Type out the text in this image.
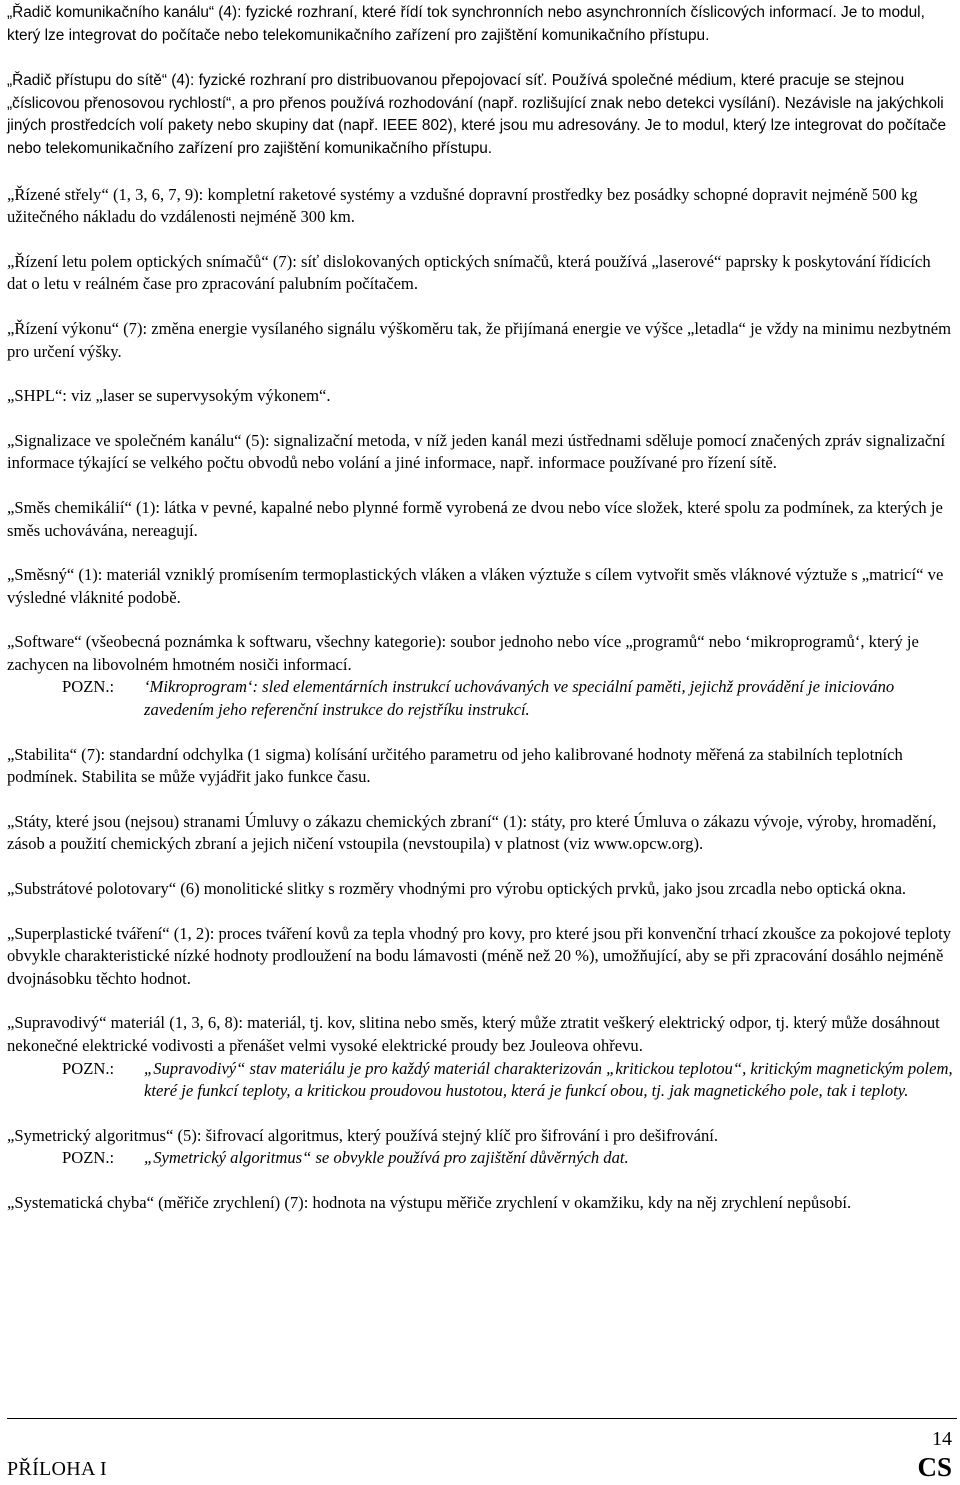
„Řadič komunikačního kanálu“ (4): fyzické rozhraní, které řídí tok synchronních nebo asynchronních číslicových informací. Je to modul, který lze integrovat do počítače nebo telekomunikačního zařízení pro zajištění komunikačního přístupu.

„Řadič přístupu do sítě“ (4): fyzické rozhraní pro distribuovanou přepojovací síť. Používá společné médium, které pracuje se stejnou „číslicovou přenosovou rychlostí“, a pro přenos používá rozhodování (např. rozlišující znak nebo detekci vysílání). Nezávisle na jakýchkoli jiných prostředcích volí pakety nebo skupiny dat (např. IEEE 802), které jsou mu adresovány. Je to modul, který lze integrovat do počítače nebo telekomunikačního zařízení pro zajištění komunikačního přístupu.

„Řízené střely“ (1, 3, 6, 7, 9): kompletní raketové systémy a vzdušné dopravní prostředky bez posádky schopné dopravit nejméně 500 kg užitečného nákladu do vzdálenosti nejméně 300 km.

„Řízení letu polem optických snímačů“ (7): síť dislokovaných optických snímačů, která používá „laserové“ paprsky k poskytování řídicích dat o letu v reálném čase pro zpracování palubním počítačem.

„Řízení výkonu“ (7): změna energie vysílaného signálu výškoměru tak, že přijímaná energie ve výšce „letadla“ je vždy na minimu nezbytném pro určení výšky.

„SHPL“: viz „laser se supervysokým výkonem“.

„Signalizace ve společném kanálu“ (5): signalizační metoda, v níž jeden kanál mezi ústřednami sděluje pomocí značených zpráv signalizační informace týkající se velkého počtu obvodů nebo volání a jiné informace, např. informace používané pro řízení sítě.

„Směs chemikálií“ (1): látka v pevné, kapalné nebo plynné formě vyrobená ze dvou nebo více složek, které spolu za podmínek, za kterých je směs uchovávána, nereagují.

„Směsný“ (1): materiál vzniklý promísením termoplastických vláken a vláken výztuže s cílem vytvořit směs vláknové výztuže s „matricí“ ve výsledné vláknité podobě.

„Software“ (všeobecná poznámka k softwaru, všechny kategorie): soubor jednoho nebo více „programů“ nebo ‘mikroprogramů‘, který je zachycen na libovolném hmotném nosiči informací.
POZN.:	‘Mikroprogram‘: sled elementárních instrukcí uchovávaných ve speciální paměti, jejichž provádění je iniciováno zavedením jeho referenční instrukce do rejstříku instrukcí.

„Stabilita“ (7): standardní odchylka (1 sigma) kolísání určitého parametru od jeho kalibrované hodnoty měřená za stabilních teplotních podmínek. Stabilita se může vyjádřit jako funkce času.

„Státy, které jsou (nejsou) stranami Úmluvy o zákazu chemických zbraní“ (1): státy, pro které Úmluva o zákazu vývoje, výroby, hromadění, zásob a použití chemických zbraní a jejich ničení vstoupila (nevstoupila) v platnost (viz www.opcw.org).

„Substrátové polotovary“ (6) monolitické slitky s rozměry vhodnými pro výrobu optických prvků, jako jsou zrcadla nebo optická okna.

„Superplastické tváření“ (1, 2): proces tváření kovů za tepla vhodný pro kovy, pro které jsou při konvenční trhací zkoušce za pokojové teploty obvykle charakteristické nízké hodnoty prodloužení na bodu lámavosti (méně než 20 %), umožňující, aby se při zpracování dosáhlo nejméně dvojnásobku těchto hodnot.

„Supravodivý“ materiál (1, 3, 6, 8): materiál, tj. kov, slitina nebo směs, který může ztratit veškerý elektrický odpor, tj. který může dosáhnout nekonečné elektrické vodivosti a přenášet velmi vysoké elektrické proudy bez Jouleova ohřevu.
POZN.:	„Supravodivý“ stav materiálu je pro každý materiál charakterizován „kritickou teplotou“, kritickým magnetickým polem, které je funkcí teploty, a kritickou proudovou hustotou, která je funkcí obou, tj. jak magnetického pole, tak i teploty.
„Symetrický algoritmus“ (5): šifrovací algoritmus, který používá stejný klíč pro šifrování i pro dešifrování.
POZN.:	„Symetrický algoritmus“ se obvykle používá pro zajištění důvěrných dat.

„Systematická chyba“ (měřiče zrychlení) (7): hodnota na výstupu měřiče zrychlení v okamžiku, kdy na něj zrychlení nepůsobí.

14
PŘÍLOHA I	CS
